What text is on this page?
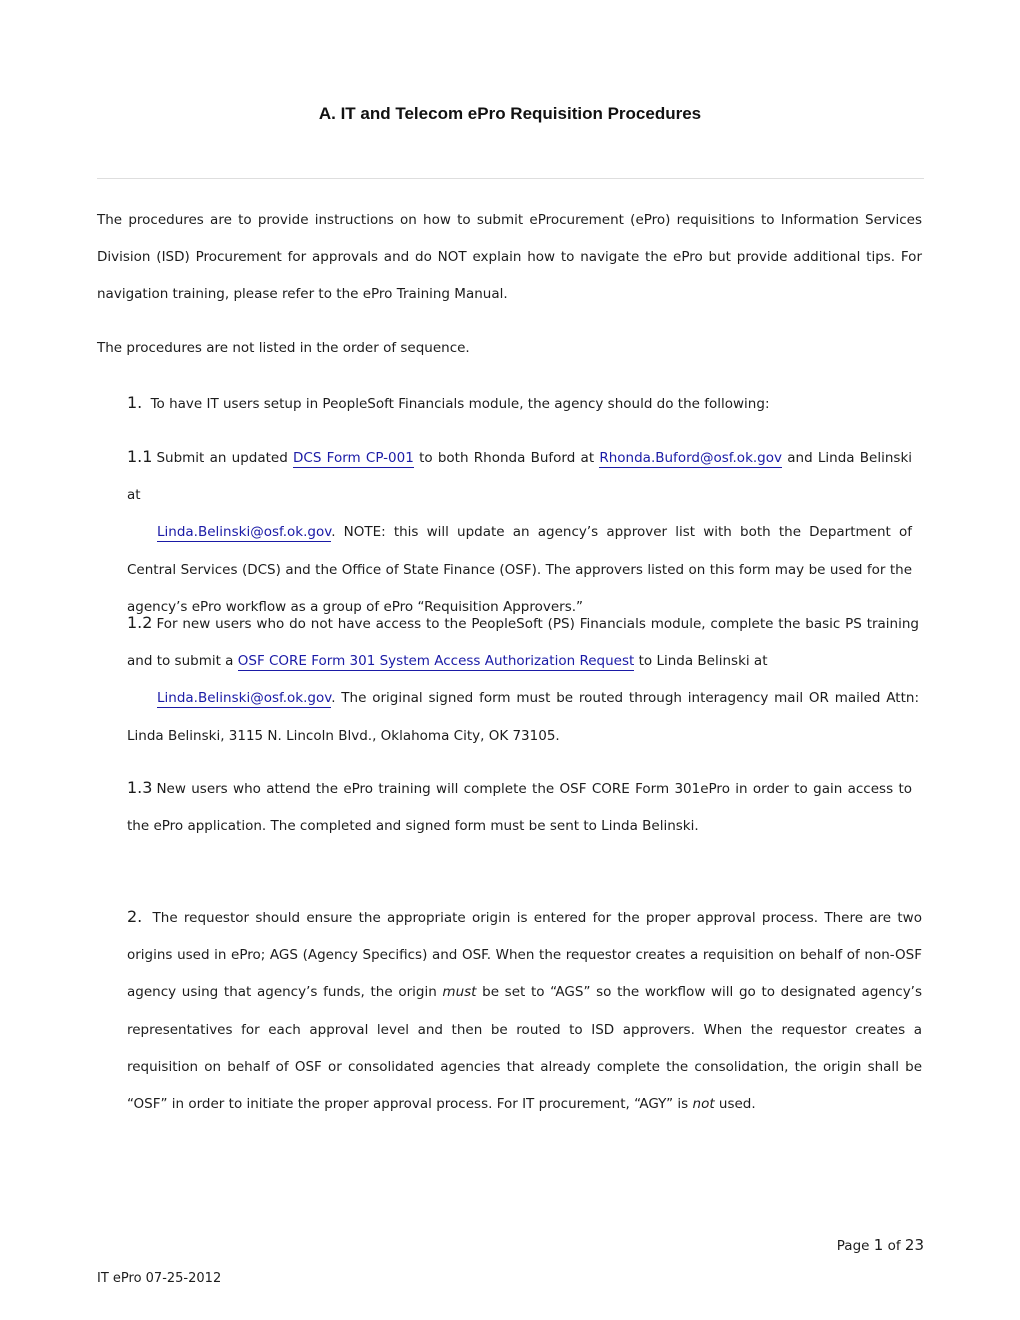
A. IT and Telecom ePro Requisition Procedures

The procedures are to provide instructions on how to submit eProcurement (ePro) requisitions to Information Services Division (ISD) Procurement for approvals and do NOT explain how to navigate the ePro but provide additional tips. For navigation training, please refer to the ePro Training Manual.

The procedures are not listed in the order of sequence.

1. To have IT users setup in PeopleSoft Financials module, the agency should do the following:

1.1 Submit an updated DCS Form CP-001 to both Rhonda Buford at Rhonda.Buford@osf.ok.gov and Linda Belinski at
Linda.Belinski@osf.ok.gov. NOTE: this will update an agency’s approver list with both the Department of Central Services (DCS) and the Office of State Finance (OSF). The approvers listed on this form may be used for the agency’s ePro workflow as a group of ePro “Requisition Approvers.”

1.2 For new users who do not have access to the PeopleSoft (PS) Financials module, complete the basic PS training and to submit a OSF CORE Form 301 System Access Authorization Request to Linda Belinski at
Linda.Belinski@osf.ok.gov. The original signed form must be routed through interagency mail OR mailed Attn: Linda Belinski, 3115 N. Lincoln Blvd., Oklahoma City, OK 73105.

1.3 New users who attend the ePro training will complete the OSF CORE Form 301ePro in order to gain access to the ePro application. The completed and signed form must be sent to Linda Belinski.

2. The requestor should ensure the appropriate origin is entered for the proper approval process. There are two origins used in ePro; AGS (Agency Specifics) and OSF. When the requestor creates a requisition on behalf of non-OSF agency using that agency’s funds, the origin must be set to “AGS” so the workflow will go to designated agency’s representatives for each approval level and then be routed to ISD approvers. When the requestor creates a requisition on behalf of OSF or consolidated agencies that already complete the consolidation, the origin shall be “OSF” in order to initiate the proper approval process. For IT procurement, “AGY” is not used.

Page 1 of 23
IT ePro 07-25-2012
